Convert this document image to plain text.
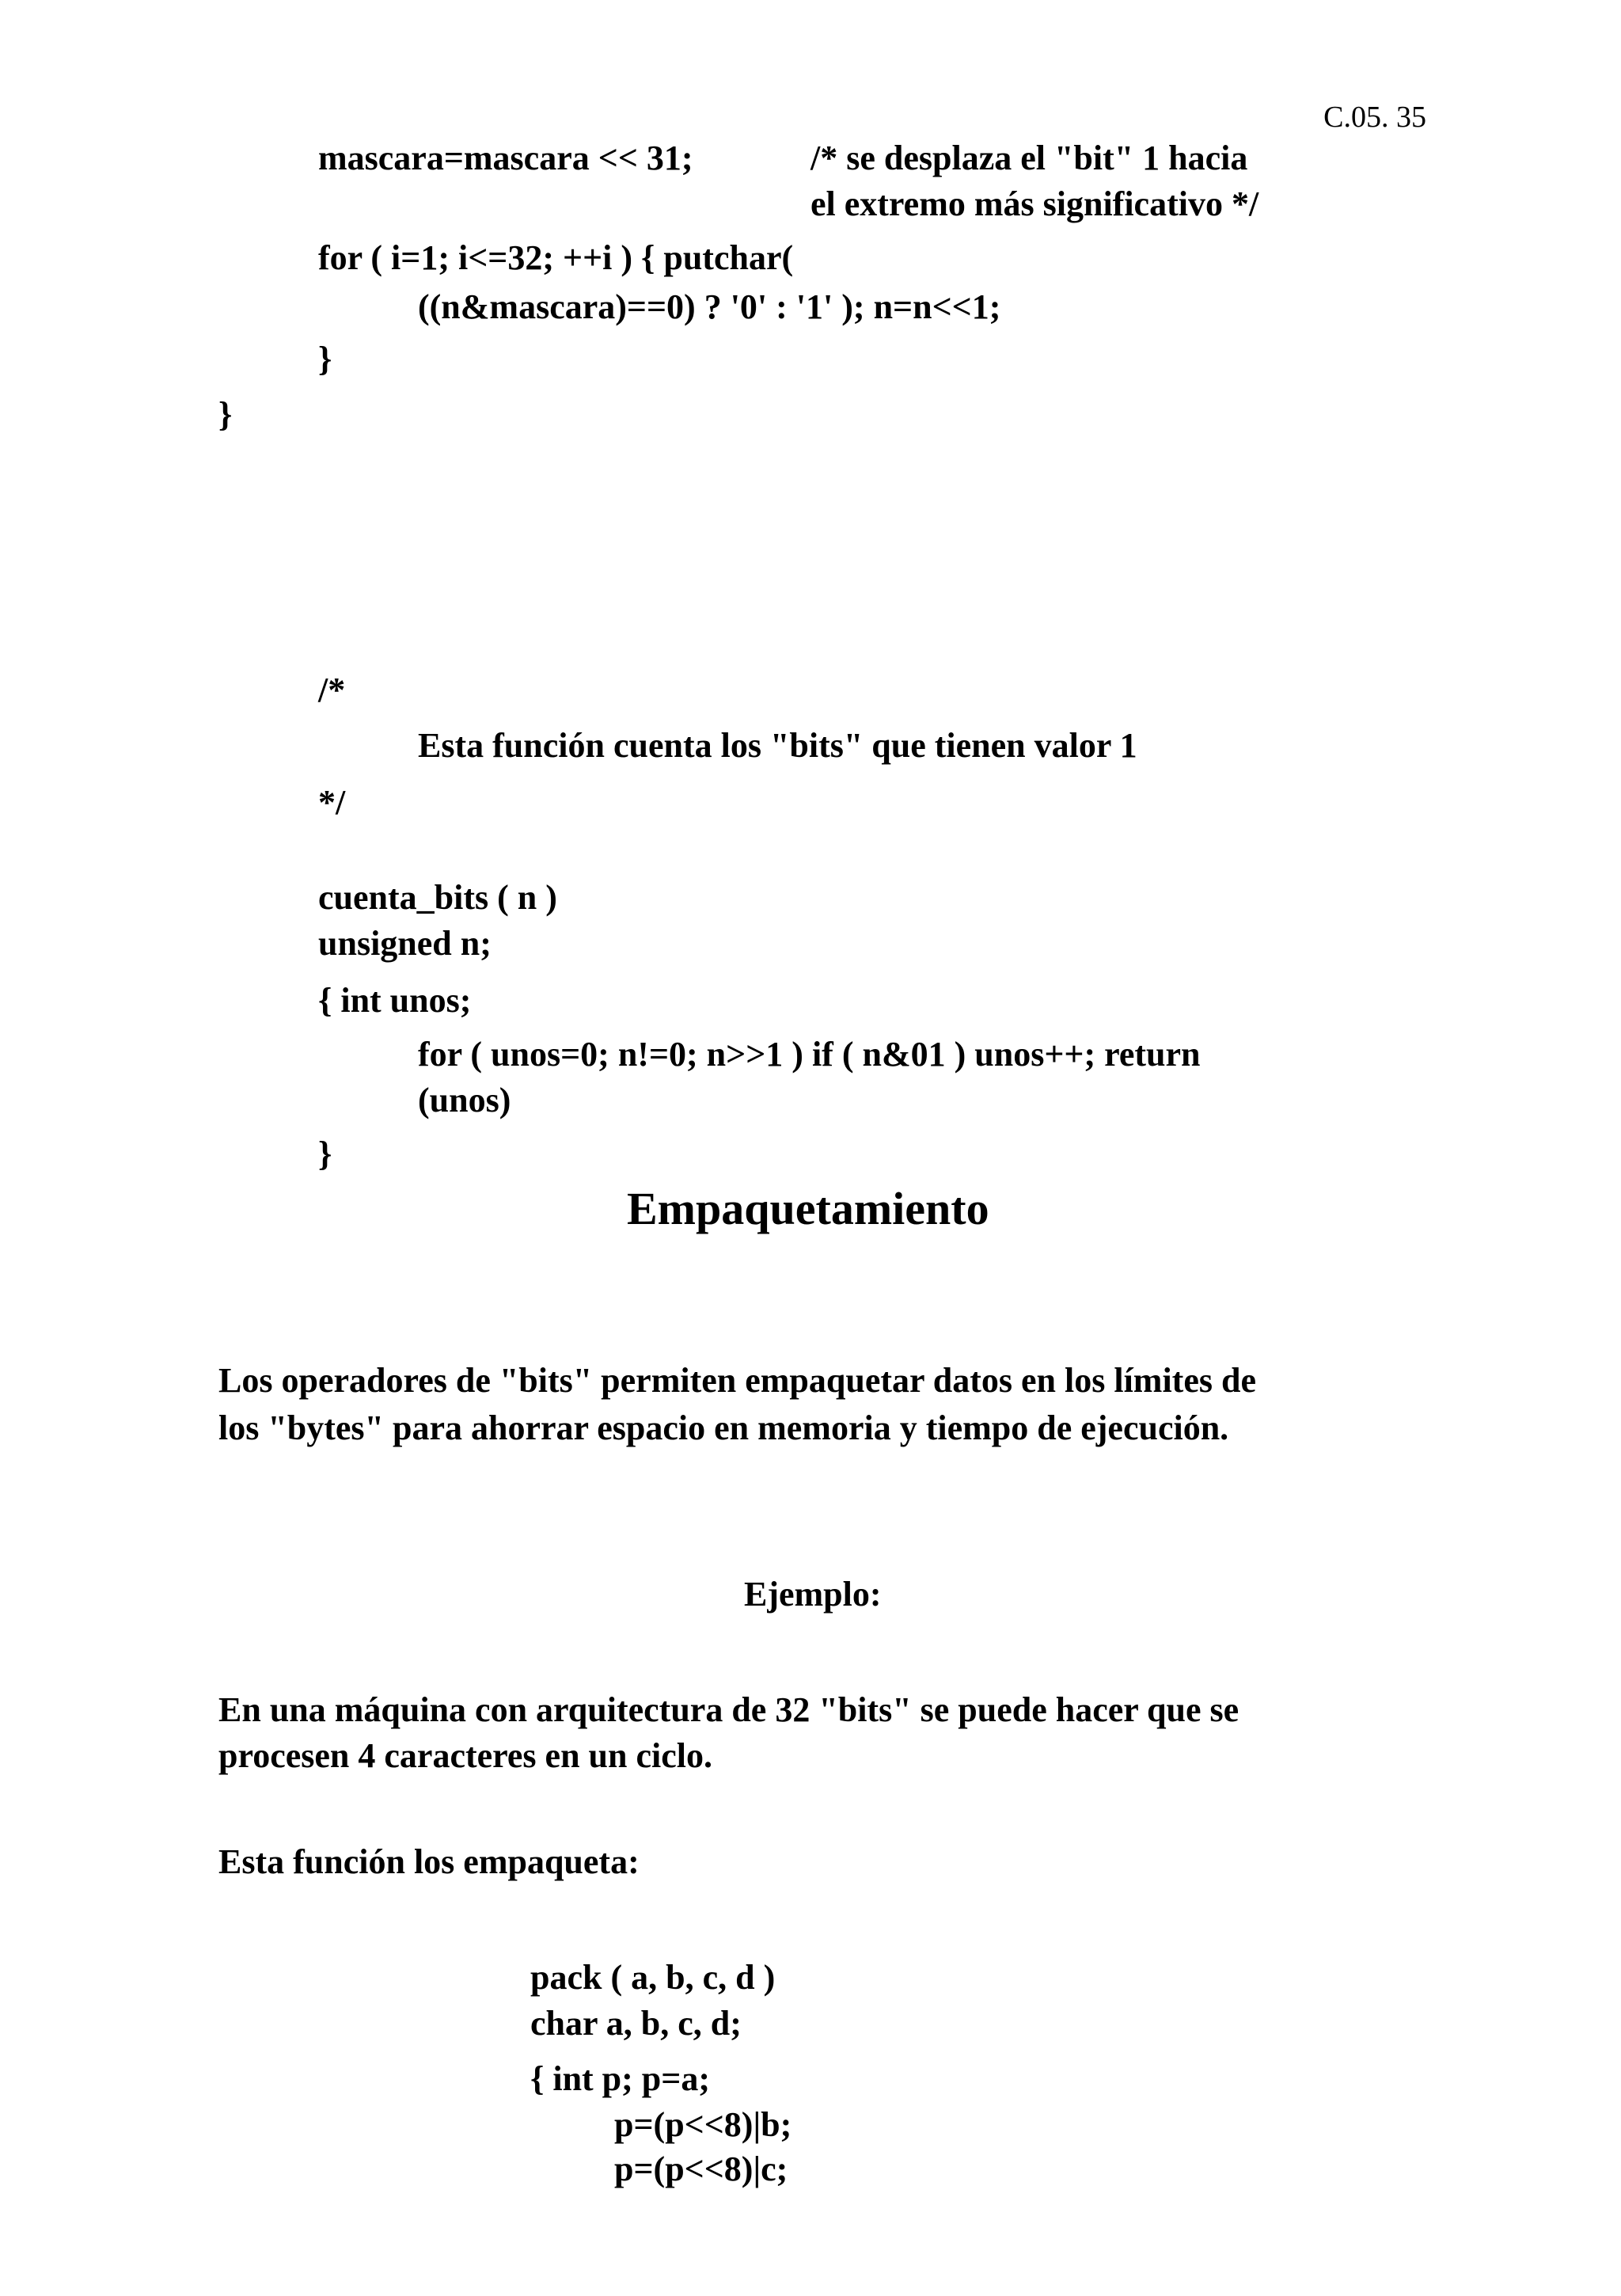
C.05. 35
mascara=mascara << 31;	/* se desplaza el "bit" 1 hacia
el extremo más significativo */
for ( i=1; i<=32; ++i ) { putchar(
((n&mascara)==0) ? '0' : '1' ); n=n<<1;
}
}
/*
Esta función cuenta los "bits" que tienen valor 1
*/
cuenta_bits ( n )
unsigned n;
{ int unos;
for ( unos=0; n!=0; n>>1 ) if ( n&01 ) unos++; return
(unos)
}
Empaquetamiento
Los operadores de "bits" permiten empaquetar datos en los límites de
los "bytes" para ahorrar espacio en memoria y tiempo de ejecución.
Ejemplo:
En una máquina con arquitectura de 32 "bits" se puede hacer que se
procesen 4 caracteres en un ciclo.
Esta función los empaqueta:
pack ( a, b, c, d )
char a, b, c, d;
{ int p; p=a;
p=(p<<8)|b;
p=(p<<8)|c;
